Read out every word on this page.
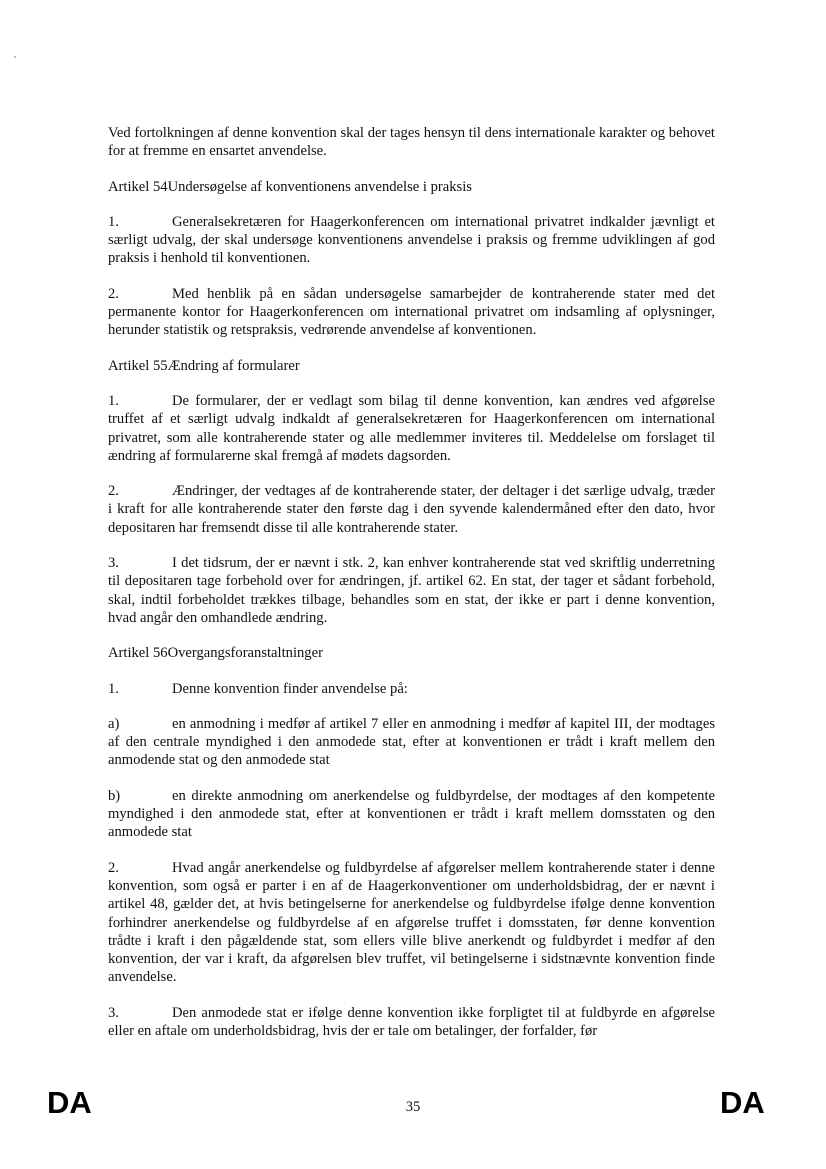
Ved fortolkningen af denne konvention skal der tages hensyn til dens internationale karakter og behovet for at fremme en ensartet anvendelse.

Artikel 54Undersøgelse af konventionens anvendelse i praksis

1.	Generalsekretæren for Haagerkonferencen om international privatret indkalder jævnligt et særligt udvalg, der skal undersøge konventionens anvendelse i praksis og fremme udviklingen af god praksis i henhold til konventionen.

2.	Med henblik på en sådan undersøgelse samarbejder de kontraherende stater med det permanente kontor for Haagerkonferencen om international privatret om indsamling af oplysninger, herunder statistik og retspraksis, vedrørende anvendelse af konventionen.

Artikel 55Ændring af formularer

1.	De formularer, der er vedlagt som bilag til denne konvention, kan ændres ved afgørelse truffet af et særligt udvalg indkaldt af generalsekretæren for Haagerkonferencen om international privatret, som alle kontraherende stater og alle medlemmer inviteres til. Meddelelse om forslaget til ændring af formularerne skal fremgå af mødets dagsorden.

2.	Ændringer, der vedtages af de kontraherende stater, der deltager i det særlige udvalg, træder i kraft for alle kontraherende stater den første dag i den syvende kalendermåned efter den dato, hvor depositaren har fremsendt disse til alle kontraherende stater.

3.	I det tidsrum, der er nævnt i stk. 2, kan enhver kontraherende stat ved skriftlig underretning til depositaren tage forbehold over for ændringen, jf. artikel 62. En stat, der tager et sådant forbehold, skal, indtil forbeholdet trækkes tilbage, behandles som en stat, der ikke er part i denne konvention, hvad angår den omhandlede ændring.

Artikel 56Overgangsforanstaltninger

1.	Denne konvention finder anvendelse på:

a)	en anmodning i medfør af artikel 7 eller en anmodning i medfør af kapitel III, der modtages af den centrale myndighed i den anmodede stat, efter at konventionen er trådt i kraft mellem den anmodende stat og den anmodede stat

b)	en direkte anmodning om anerkendelse og fuldbyrdelse, der modtages af den kompetente myndighed i den anmodede stat, efter at konventionen er trådt i kraft mellem domsstaten og den anmodede stat

2.	Hvad angår anerkendelse og fuldbyrdelse af afgørelser mellem kontraherende stater i denne konvention, som også er parter i en af de Haagerkonventioner om underholdsbidrag, der er nævnt i artikel 48, gælder det, at hvis betingelserne for anerkendelse og fuldbyrdelse ifølge denne konvention forhindrer anerkendelse og fuldbyrdelse af en afgørelse truffet i domsstaten, før denne konvention trådte i kraft i den pågældende stat, som ellers ville blive anerkendt og fuldbyrdet i medfør af den konvention, der var i kraft, da afgørelsen blev truffet, vil betingelserne i sidstnævnte konvention finde anvendelse.

3.	Den anmodede stat er ifølge denne konvention ikke forpligtet til at fuldbyrde en afgørelse eller en aftale om underholdsbidrag, hvis der er tale om betalinger, der forfalder, før

DA	35	DA
